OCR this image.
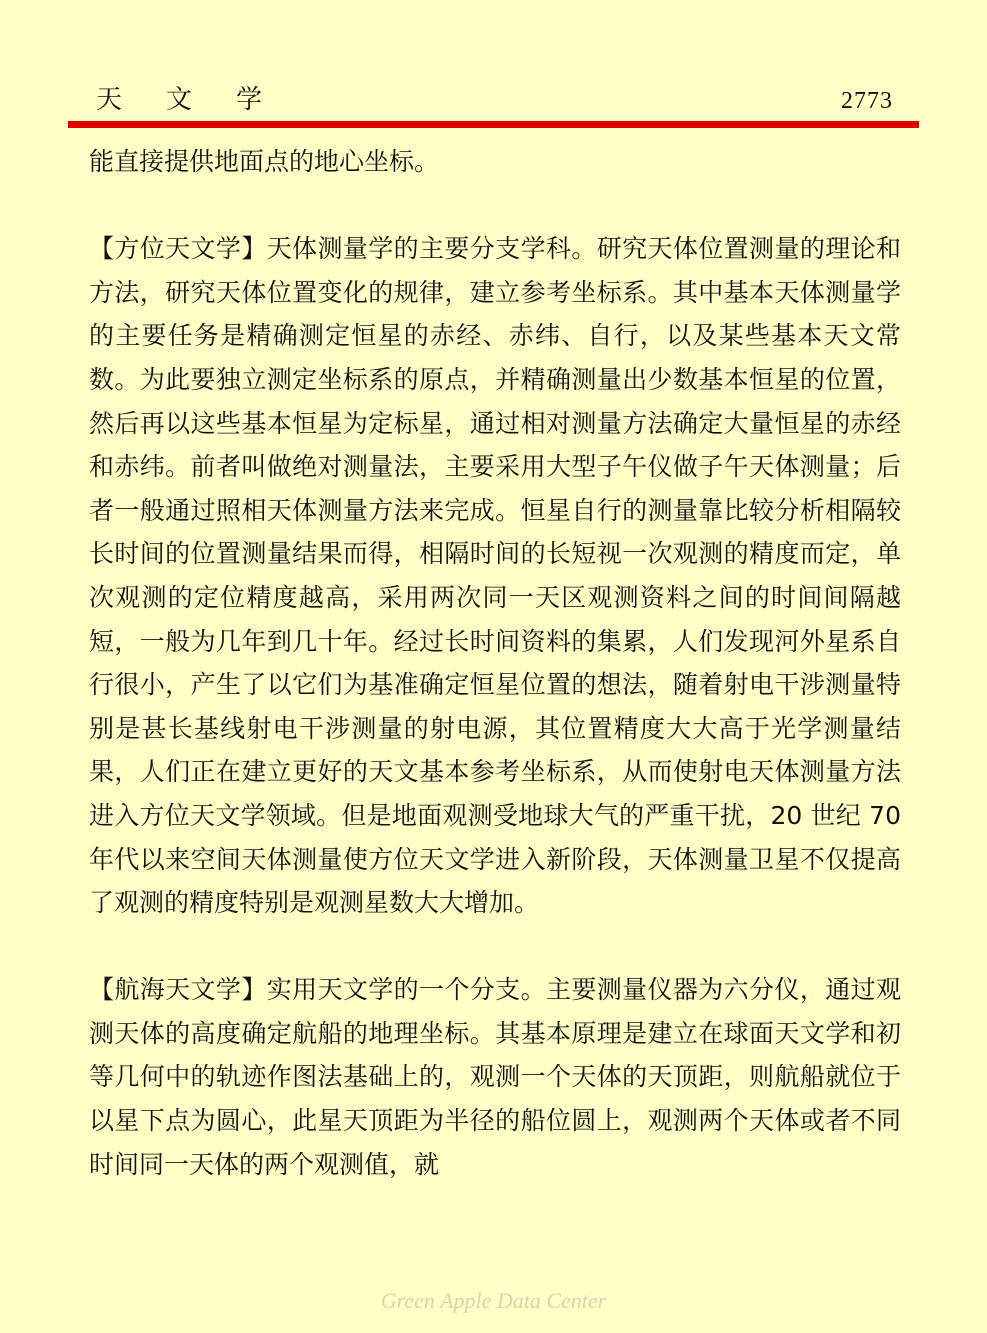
天文学	2773

能直接提供地面点的地心坐标。

【方位天文学】天体测量学的主要分支学科。研究天体位置测量的理论和方法，研究天体位置变化的规律，建立参考坐标系。其中基本天体测量学的主要任务是精确测定恒星的赤经、赤纬、自行，以及某些基本天文常数。为此要独立测定坐标系的原点，并精确测量出少数基本恒星的位置，然后再以这些基本恒星为定标星，通过相对测量方法确定大量恒星的赤经和赤纬。前者叫做绝对测量法，主要采用大型子午仪做子午天体测量；后者一般通过照相天体测量方法来完成。恒星自行的测量靠比较分析相隔较长时间的位置测量结果而得，相隔时间的长短视一次观测的精度而定，单次观测的定位精度越高，采用两次同一天区观测资料之间的时间间隔越短，一般为几年到几十年。经过长时间资料的集累，人们发现河外星系自行很小，产生了以它们为基准确定恒星位置的想法，随着射电干涉测量特别是甚长基线射电干涉测量的射电源，其位置精度大大高于光学测量结果，人们正在建立更好的天文基本参考坐标系，从而使射电天体测量方法进入方位天文学领域。但是地面观测受地球大气的严重干扰，20 世纪 70 年代以来空间天体测量使方位天文学进入新阶段，天体测量卫星不仅提高了观测的精度特别是观测星数大大增加。

【航海天文学】实用天文学的一个分支。主要测量仪器为六分仪，通过观测天体的高度确定航船的地理坐标。其基本原理是建立在球面天文学和初等几何中的轨迹作图法基础上的，观测一个天体的天顶距，则航船就位于以星下点为圆心，此星天顶距为半径的船位圆上，观测两个天体或者不同时间同一天体的两个观测值，就

Green Apple Data Center
